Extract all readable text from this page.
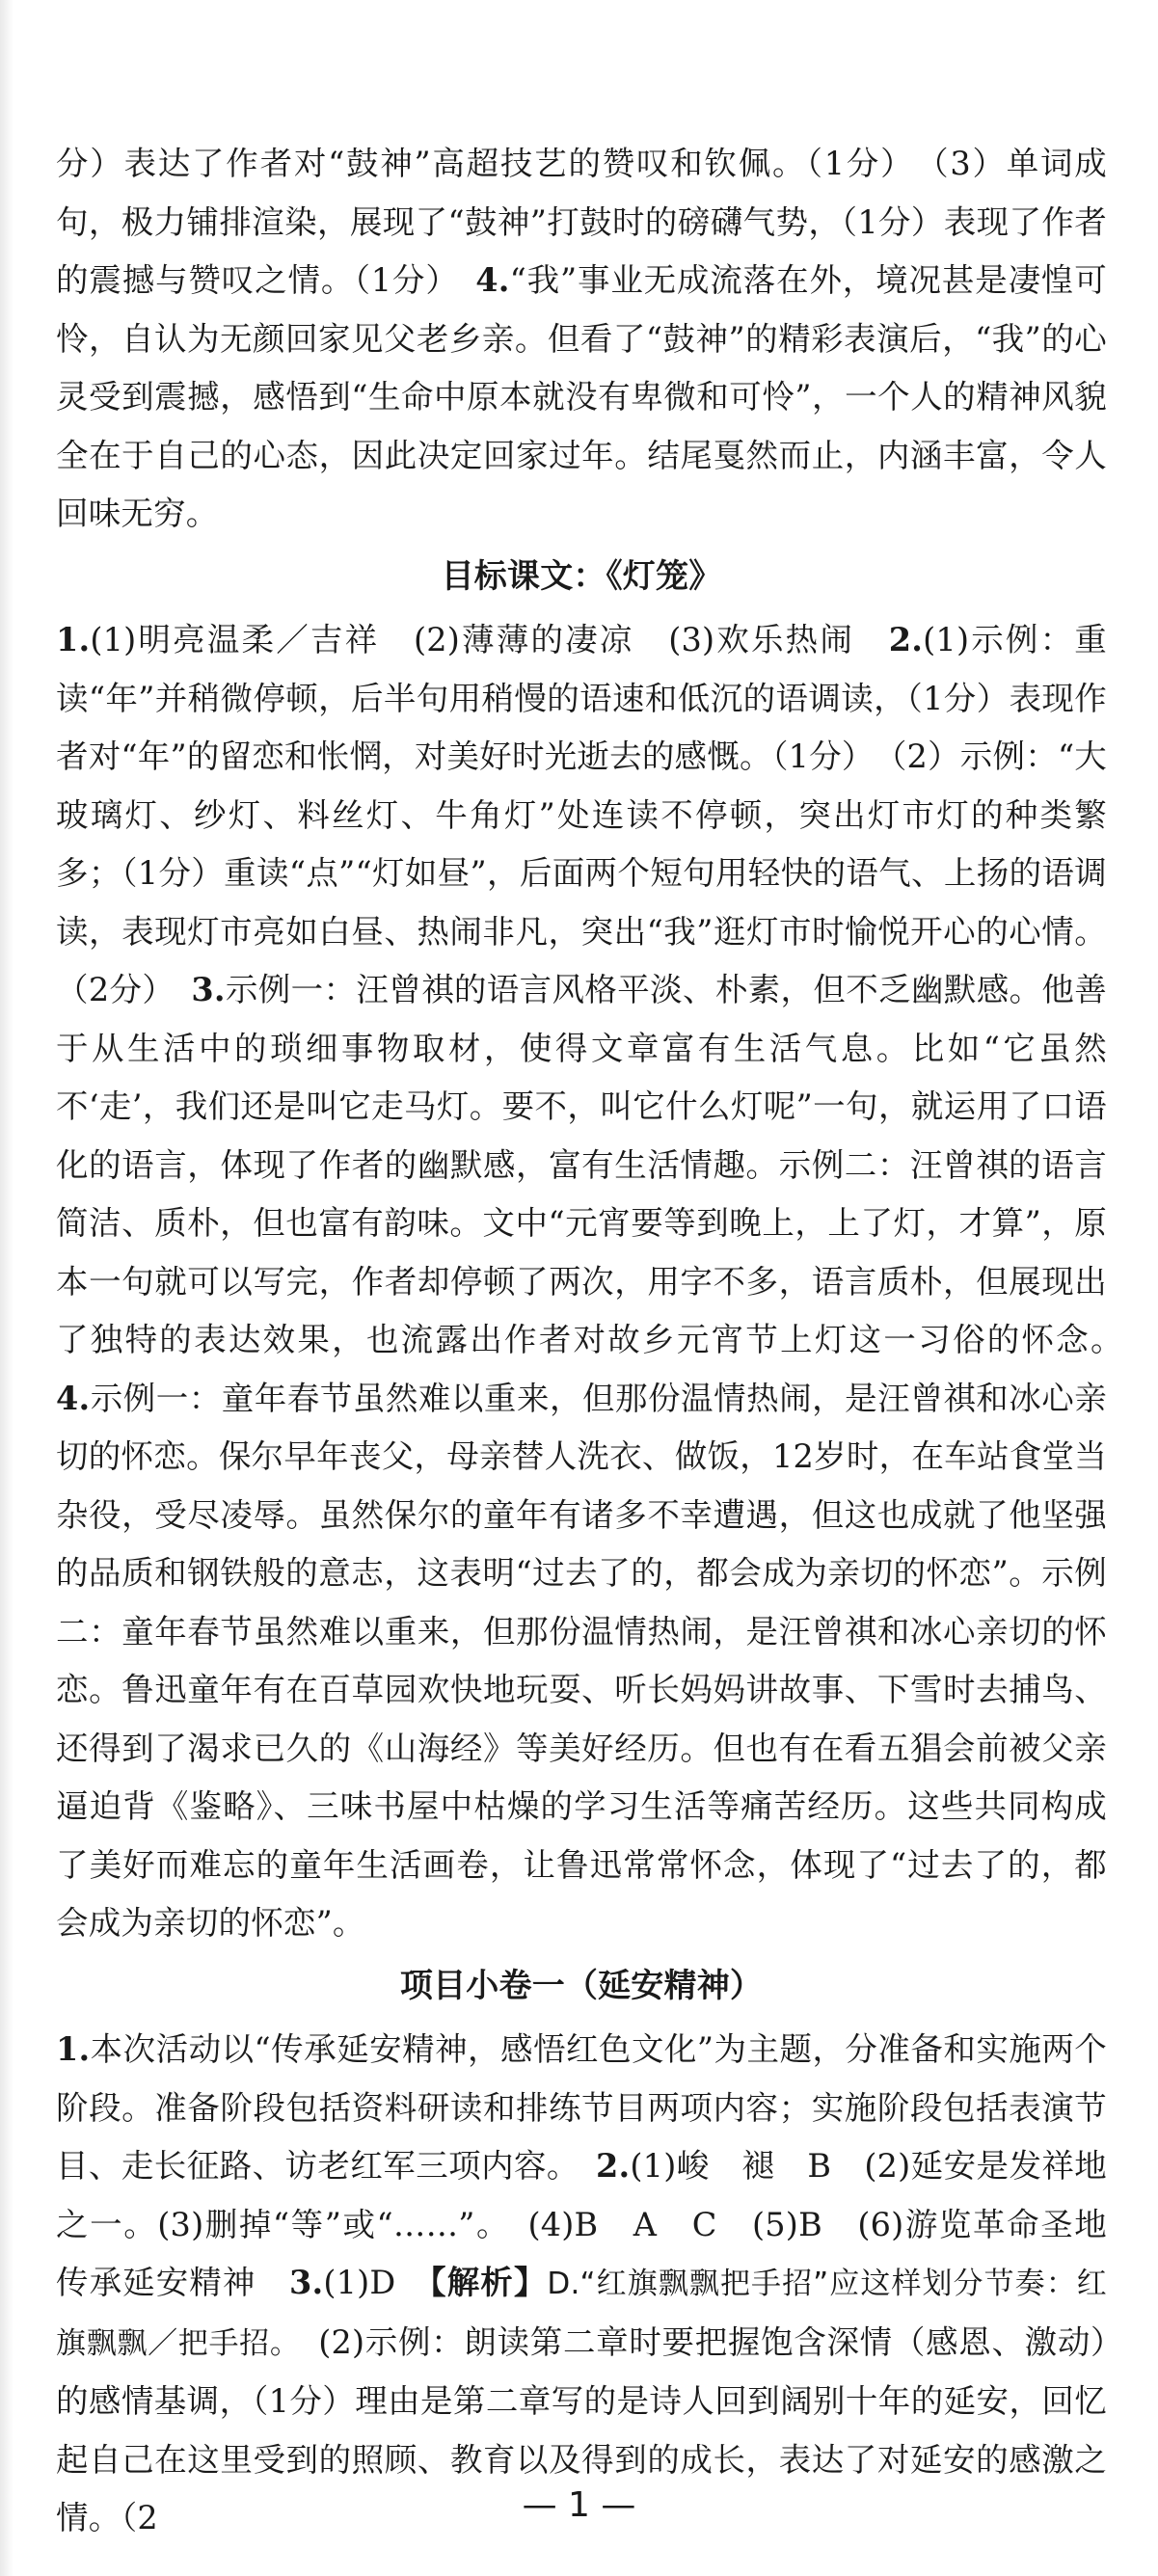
分）表达了作者对“鼓神”高超技艺的赞叹和钦佩。（1分）　（3）单词成句，极力铺排渲染，展现了“鼓神”打鼓时的磅礴气势，（1分）表现了作者的震撼与赞叹之情。（1分）　4.“我”事业无成流落在外，境况甚是凄惶可怜，自认为无颜回家见父老乡亲。但看了“鼓神”的精彩表演后，“我”的心灵受到震撼，感悟到“生命中原本就没有卑微和可怜”，一个人的精神风貌全在于自己的心态，因此决定回家过年。结尾戛然而止，内涵丰富，令人回味无穷。

目标课文：《灯笼》

1.(1)明亮温柔／吉祥　(2)薄薄的凄凉　(3)欢乐热闹　2.(1)示例：重读“年”并稍微停顿，后半句用稍慢的语速和低沉的语调读，（1分）表现作者对“年”的留恋和怅惘，对美好时光逝去的感慨。（1分）　（2）示例：“大玻璃灯、纱灯、料丝灯、牛角灯”处连读不停顿，突出灯市灯的种类繁多；（1分）重读“点”“灯如昼”，后面两个短句用轻快的语气、上扬的语调读，表现灯市亮如白昼、热闹非凡，突出“我”逛灯市时愉悦开心的心情。（2分）　3.示例一：汪曾祺的语言风格平淡、朴素，但不乏幽默感。他善于从生活中的琐细事物取材，使得文章富有生活气息。比如“它虽然不‘走’，我们还是叫它走马灯。要不，叫它什么灯呢”一句，就运用了口语化的语言，体现了作者的幽默感，富有生活情趣。示例二：汪曾祺的语言简洁、质朴，但也富有韵味。文中“元宵要等到晚上，上了灯，才算”，原本一句就可以写完，作者却停顿了两次，用字不多，语言质朴，但展现出了独特的表达效果，也流露出作者对故乡元宵节上灯这一习俗的怀念。　4.示例一：童年春节虽然难以重来，但那份温情热闹，是汪曾祺和冰心亲切的怀恋。保尔早年丧父，母亲替人洗衣、做饭，12岁时，在车站食堂当杂役，受尽凌辱。虽然保尔的童年有诸多不幸遭遇，但这也成就了他坚强的品质和钢铁般的意志，这表明“过去了的，都会成为亲切的怀恋”。示例二：童年春节虽然难以重来，但那份温情热闹，是汪曾祺和冰心亲切的怀恋。鲁迅童年有在百草园欢快地玩耍、听长妈妈讲故事、下雪时去捕鸟、还得到了渴求已久的《山海经》等美好经历。但也有在看五猖会前被父亲逼迫背《鉴略》、三味书屋中枯燥的学习生活等痛苦经历。这些共同构成了美好而难忘的童年生活画卷，让鲁迅常常怀念，体现了“过去了的，都会成为亲切的怀恋”。

项目小卷一（延安精神）

1.本次活动以“传承延安精神，感悟红色文化”为主题，分准备和实施两个阶段。准备阶段包括资料研读和排练节目两项内容；实施阶段包括表演节目、走长征路、访老红军三项内容。　2.(1)峻　褪　B　(2)延安是发祥地之一。(3)删掉“等”或“……”。　(4)B　A　C　(5)B　(6)游览革命圣地　传承延安精神　3.(1)D　【解析】D.“红旗飘飘把手招”应这样划分节奏：红旗飘飘／把手招。　(2)示例：朗读第二章时要把握饱含深情（感恩、激动）的感情基调，（1分）理由是第二章写的是诗人回到阔别十年的延安，回忆起自己在这里受到的照顾、教育以及得到的成长，表达了对延安的感激之情。（2	— 1 —
